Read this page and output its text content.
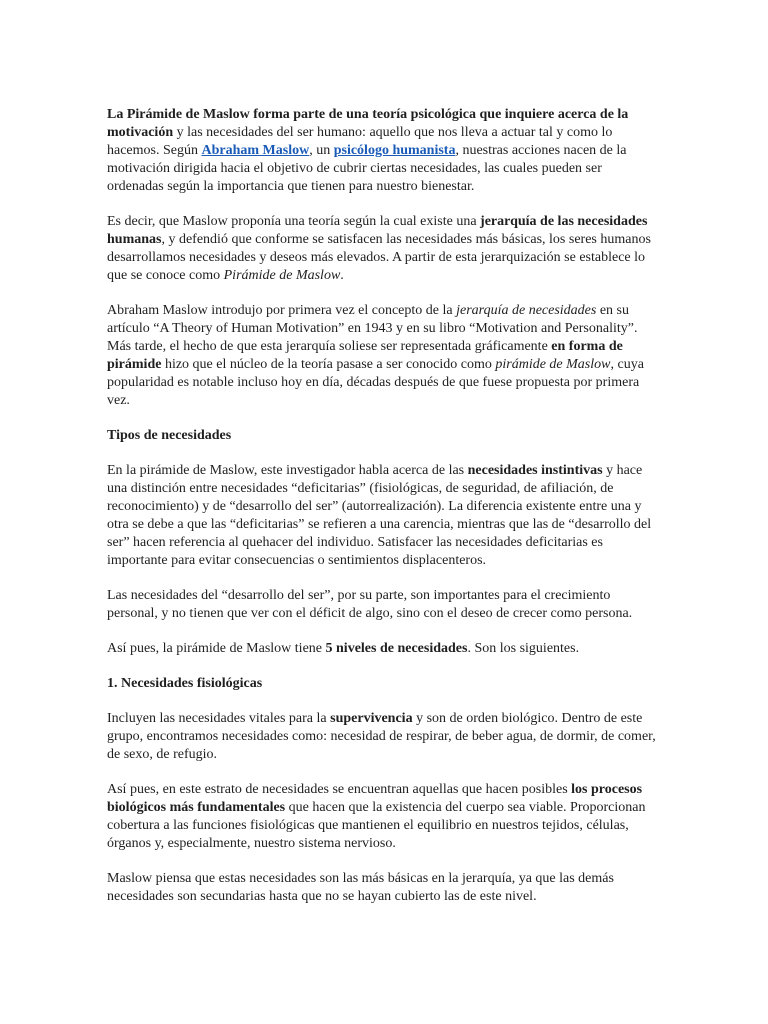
La Pirámide de Maslow forma parte de una teoría psicológica que inquiere acerca de la motivación y las necesidades del ser humano: aquello que nos lleva a actuar tal y como lo hacemos. Según Abraham Maslow, un psicólogo humanista, nuestras acciones nacen de la motivación dirigida hacia el objetivo de cubrir ciertas necesidades, las cuales pueden ser ordenadas según la importancia que tienen para nuestro bienestar.

Es decir, que Maslow proponía una teoría según la cual existe una jerarquía de las necesidades humanas, y defendió que conforme se satisfacen las necesidades más básicas, los seres humanos desarrollamos necesidades y deseos más elevados. A partir de esta jerarquización se establece lo que se conoce como Pirámide de Maslow.

Abraham Maslow introdujo por primera vez el concepto de la jerarquía de necesidades en su artículo “A Theory of Human Motivation” en 1943 y en su libro “Motivation and Personality”. Más tarde, el hecho de que esta jerarquía soliese ser representada gráficamente en forma de pirámide hizo que el núcleo de la teoría pasase a ser conocido como pirámide de Maslow, cuya popularidad es notable incluso hoy en día, décadas después de que fuese propuesta por primera vez.

Tipos de necesidades

En la pirámide de Maslow, este investigador habla acerca de las necesidades instintivas y hace una distinción entre necesidades “deficitarias” (fisiológicas, de seguridad, de afiliación, de reconocimiento) y de “desarrollo del ser” (autorrealización). La diferencia existente entre una y otra se debe a que las “deficitarias” se refieren a una carencia, mientras que las de “desarrollo del ser” hacen referencia al quehacer del individuo. Satisfacer las necesidades deficitarias es importante para evitar consecuencias o sentimientos displacenteros.

Las necesidades del “desarrollo del ser”, por su parte, son importantes para el crecimiento personal, y no tienen que ver con el déficit de algo, sino con el deseo de crecer como persona.

Así pues, la pirámide de Maslow tiene 5 niveles de necesidades. Son los siguientes.

1. Necesidades fisiológicas

Incluyen las necesidades vitales para la supervivencia y son de orden biológico. Dentro de este grupo, encontramos necesidades como: necesidad de respirar, de beber agua, de dormir, de comer, de sexo, de refugio.

Así pues, en este estrato de necesidades se encuentran aquellas que hacen posibles los procesos biológicos más fundamentales que hacen que la existencia del cuerpo sea viable. Proporcionan cobertura a las funciones fisiológicas que mantienen el equilibrio en nuestros tejidos, células, órganos y, especialmente, nuestro sistema nervioso.

Maslow piensa que estas necesidades son las más básicas en la jerarquía, ya que las demás necesidades son secundarias hasta que no se hayan cubierto las de este nivel.
